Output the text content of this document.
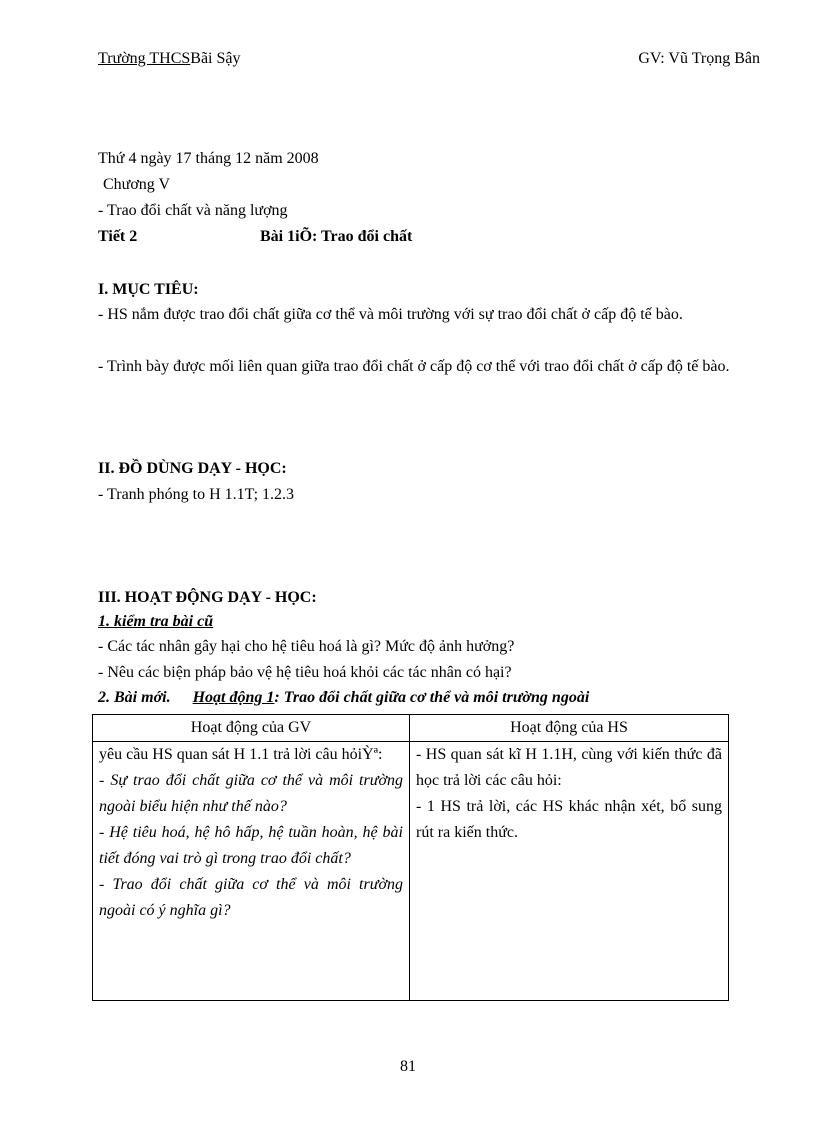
Trường THCSBãi Sậy	GV: Vũ Trọng Bân
Thứ 4 ngày 17 tháng 12 năm 2008
Chương V
- Trao đổi chất và năng lượng
Tiết 2	Bài 1iÕ: Trao đổi chất
I. MỤC TIÊU:
- HS nắm được trao đổi chất giữa cơ thể và môi trường với sự trao đổi chất ở cấp độ tế bào.
- Trình bày được mối liên quan giữa trao đổi chất ở cấp độ cơ thể với trao đổi chất ở cấp độ tế bào.
II. ĐỒ DÙNG DẠY - HỌC:
- Tranh phóng to H 1.1T; 1.2.3
III. HOẠT ĐỘNG DẠY - HỌC:
1. kiểm tra bài cũ
- Các tác nhân gây hại cho hệ tiêu hoá là gì? Mức độ ảnh hưởng?
- Nêu các biện pháp bảo vệ hệ tiêu hoá khỏi các tác nhân có hại?
2. Bài mới. Hoạt động 1: Trao đổi chất giữa cơ thể và môi trường ngoài
Hoạt động của GV	Hoạt động của HS

yêu cầu HS quan sát H 1.1 trả lời câu hỏiỲª:
- Sự trao đổi chất giữa cơ thể và môi trường ngoài biểu hiện như thế nào?
- Hệ tiêu hoá, hệ hô hấp, hệ tuần hoàn, hệ bài tiết đóng vai trò gì trong trao đổi chất?
- Trao đổi chất giữa cơ thể và môi trường ngoài có ý nghĩa gì?	- HS quan sát kĩ H 1.1H, cùng với kiến thức đã học trả lời các câu hỏi:
- 1 HS trả lời, các HS khác nhận xét, bổ sung rút ra kiến thức.
81
